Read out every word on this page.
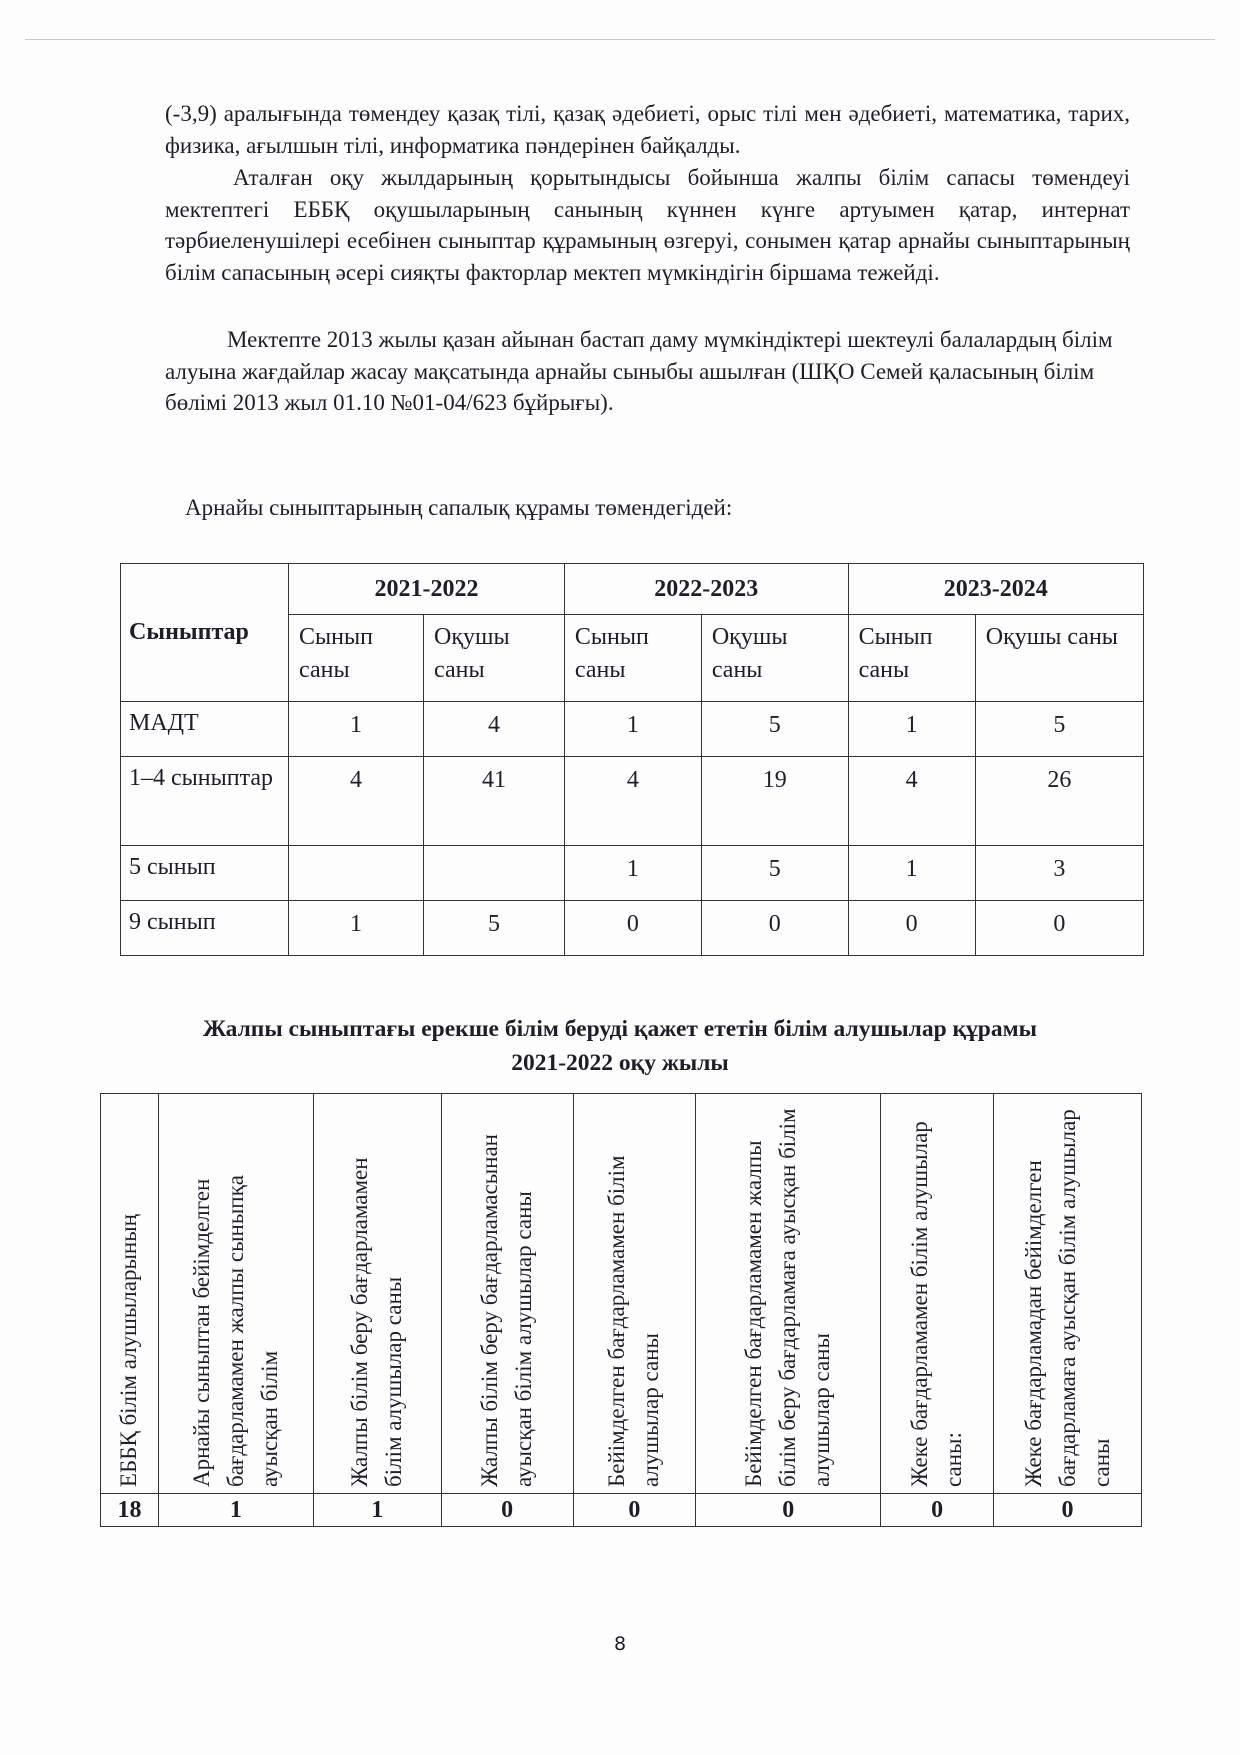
(-3,9) аралығында төмендеу қазақ тілі, қазақ әдебиеті, орыс тілі мен әдебиеті, математика, тарих, физика, ағылшын тілі, информатика пәндерінен байқалды.

Аталған оқу жылдарының қорытындысы бойынша жалпы білім сапасы төмендеуі мектептегі ЕББҚ оқушыларының санының күннен күнге артуымен қатар, интернат тәрбиеленушілері есебінен сыныптар құрамының өзгеруі, сонымен қатар арнайы сыныптарының білім сапасының әсері сияқты факторлар мектеп мүмкіндігін біршама тежейді.

Мектепте 2013 жылы қазан айынан бастап даму мүмкіндіктері шектеулі балалардың білім алуына жағдайлар жасау мақсатында арнайы сыныбы ашылған (ШҚО Семей қаласының білім бөлімі 2013 жыл 01.10 №01-04/623 бұйрығы).

Арнайы сыныптарының сапалық құрамы төмендегідей:

Сыныптар	2021-2022		2022-2023		2023-2024	
	Сынып саны	Оқушы саны	Сынып саны	Оқушы саны	Сынып саны	Оқушы саны
МАДТ	1	4	1	5	1	5
1–4 сыныптар	4	41	4	19	4	26
5 сынып			1	5	1	3
9 сынып	1	5	0	0	0	0

Жалпы сыныптағы ерекше білім беруді қажет ететін білім алушылар құрамы

2021-2022 оқу жылы

ЕББҚ білім алушыларының	Арнайы сыныптан бейімделген бағдарламамен жалпы сыныпқа ауысқан білім	Жалпы білім беру бағдарламамен білім алушылар саны	Жалпы білім беру бағдарламасынан ауысқан білім алушылар саны	Бейімделген бағдарламамен білім алушылар саны	Бейімделген бағдарламамен жалпы білім беру бағдарламаға ауысқан білім алушылар саны	Жеке бағдарламамен білім алушылар саны:	Жеке бағдарламадан бейімделген бағдарламаға ауысқан білім алушылар саны

18	1	1	0	0	0	0	0
8
